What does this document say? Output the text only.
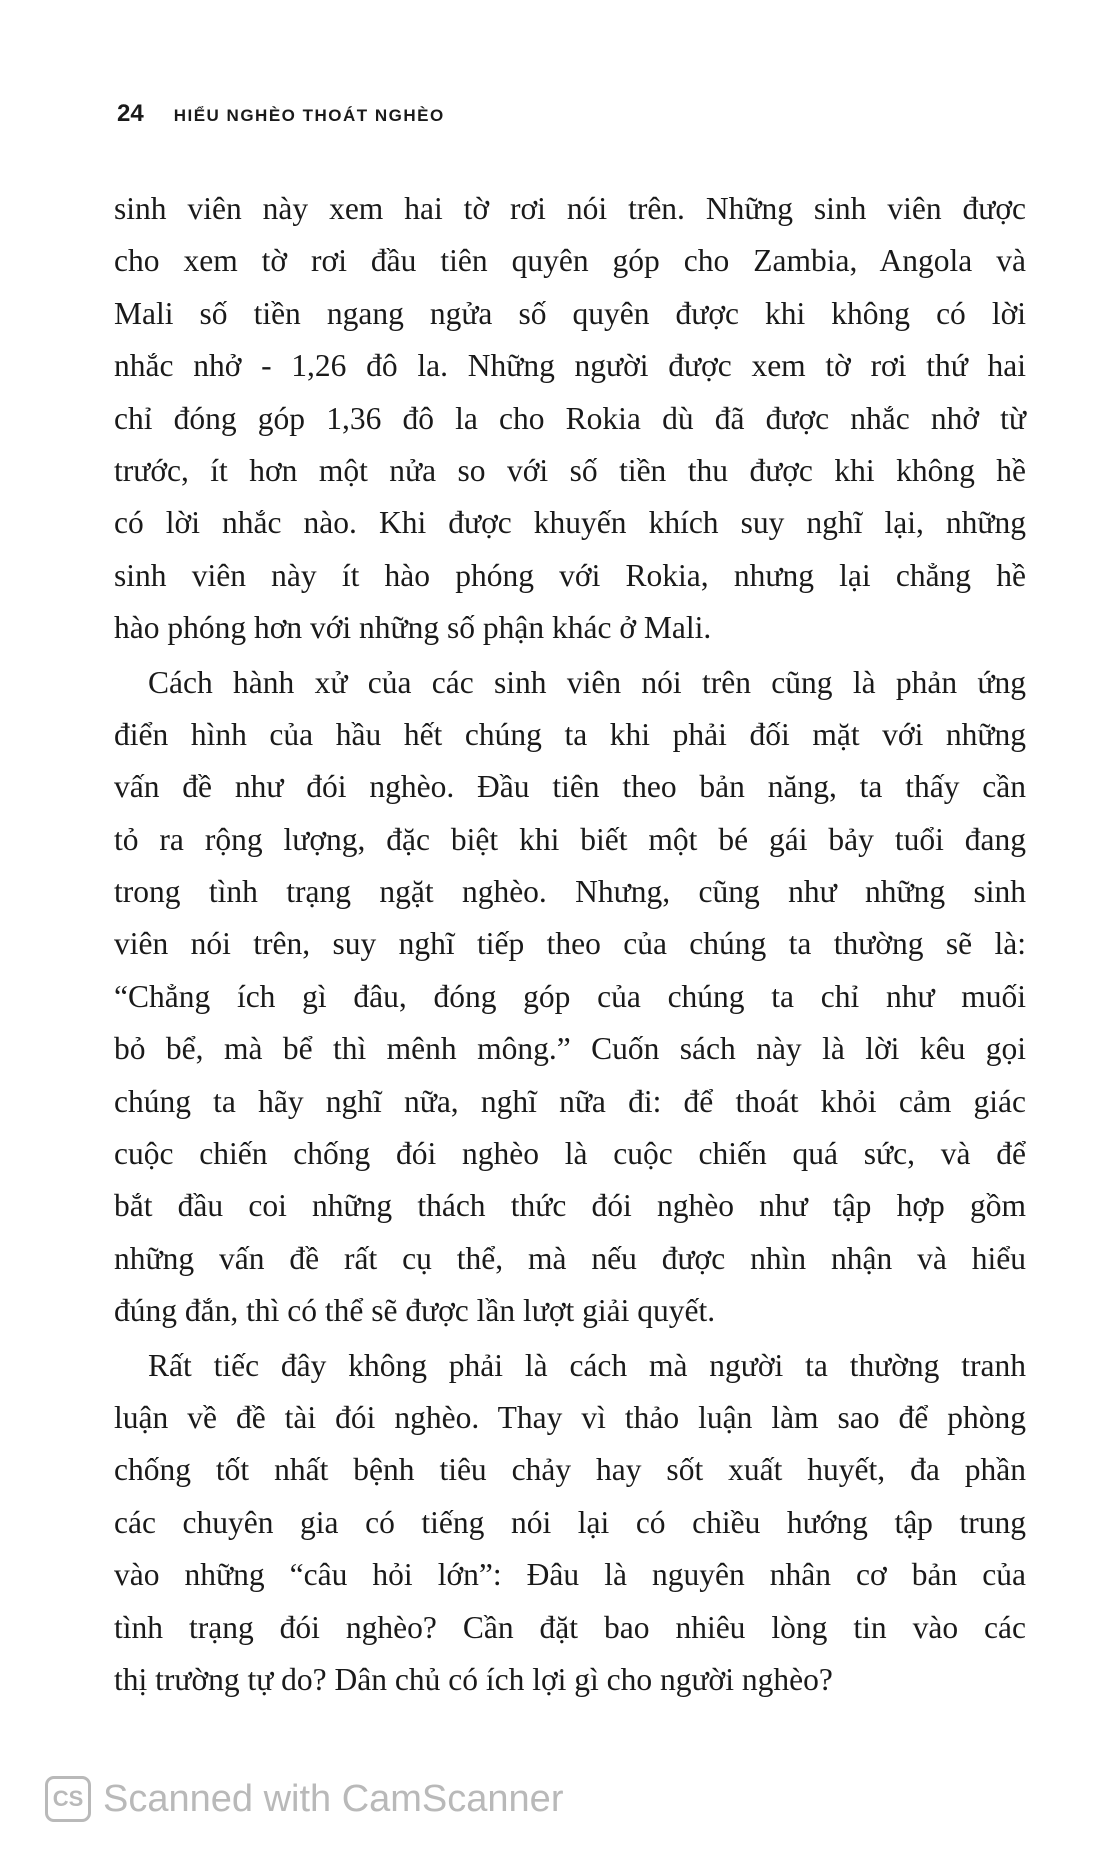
24 HIỂU NGHÈO THOÁT NGHÈO
sinh viên này xem hai tờ rơi nói trên. Những sinh viên được
cho xem tờ rơi đầu tiên quyên góp cho Zambia, Angola và
Mali số tiền ngang ngửa số quyên được khi không có lời
nhắc nhở - 1,26 đô la. Những người được xem tờ rơi thứ hai
chỉ đóng góp 1,36 đô la cho Rokia dù đã được nhắc nhở từ
trước, ít hơn một nửa so với số tiền thu được khi không hề
có lời nhắc nào. Khi được khuyến khích suy nghĩ lại, những
sinh viên này ít hào phóng với Rokia, nhưng lại chẳng hề
hào phóng hơn với những số phận khác ở Mali.
Cách hành xử của các sinh viên nói trên cũng là phản ứng
điển hình của hầu hết chúng ta khi phải đối mặt với những
vấn đề như đói nghèo. Đầu tiên theo bản năng, ta thấy cần
tỏ ra rộng lượng, đặc biệt khi biết một bé gái bảy tuổi đang
trong tình trạng ngặt nghèo. Nhưng, cũng như những sinh
viên nói trên, suy nghĩ tiếp theo của chúng ta thường sẽ là:
“Chẳng ích gì đâu, đóng góp của chúng ta chỉ như muối
bỏ bể, mà bể thì mênh mông.” Cuốn sách này là lời kêu gọi
chúng ta hãy nghĩ nữa, nghĩ nữa đi: để thoát khỏi cảm giác
cuộc chiến chống đói nghèo là cuộc chiến quá sức, và để
bắt đầu coi những thách thức đói nghèo như tập hợp gồm
những vấn đề rất cụ thể, mà nếu được nhìn nhận và hiểu
đúng đắn, thì có thể sẽ được lần lượt giải quyết.
Rất tiếc đây không phải là cách mà người ta thường tranh
luận về đề tài đói nghèo. Thay vì thảo luận làm sao để phòng
chống tốt nhất bệnh tiêu chảy hay sốt xuất huyết, đa phần
các chuyên gia có tiếng nói lại có chiều hướng tập trung
vào những “câu hỏi lớn”: Đâu là nguyên nhân cơ bản của
tình trạng đói nghèo? Cần đặt bao nhiêu lòng tin vào các
thị trường tự do? Dân chủ có ích lợi gì cho người nghèo?
CS Scanned with CamScanner
